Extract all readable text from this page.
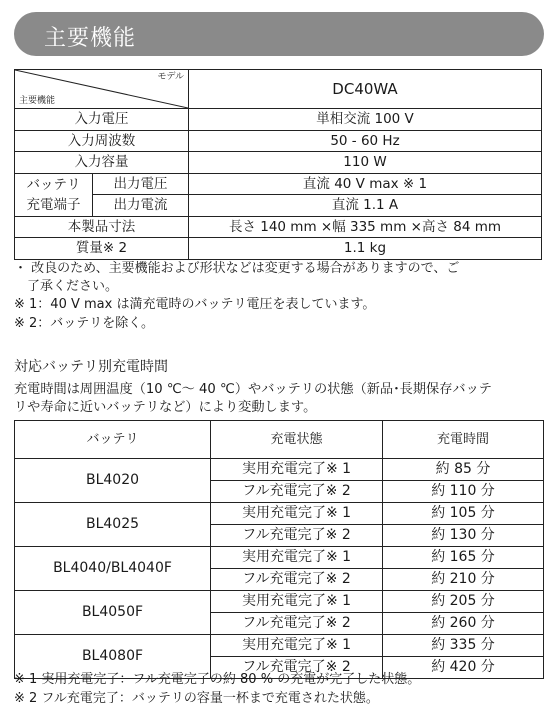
主要機能
モデル
主要機能		DC40WA
入力電圧		単相交流 100 V
入力周波数		50 - 60 Hz
入力容量		110 W

バッテリ
充電端子	出力電圧	直流 40 V max ※ 1
	出力電流	直流 1.1 A
本製品寸法		長さ 140 mm ×幅 335 mm ×高さ 84 mm
質量※ 2		1.1 kg
・ 改良のため、主要機能および形状などは変更する場合がありますので、ご
　了承ください。
※ 1：40 V max は満充電時のバッテリ電圧を表しています。
※ 2：バッテリを除く。
対応バッテリ別充電時間
充電時間は周囲温度（10 ℃～ 40 ℃）やバッテリの状態（新品･長期保存バッテ
リや寿命に近いバッテリなど）により変動します。
バッテリ	充電状態	充電時間
BL4020	実用充電完了※ 1	約 85 分
	フル充電完了※ 2	約 110 分
BL4025	実用充電完了※ 1	約 105 分
	フル充電完了※ 2	約 130 分
BL4040/BL4040F	実用充電完了※ 1	約 165 分
	フル充電完了※ 2	約 210 分
BL4050F	実用充電完了※ 1	約 205 分
	フル充電完了※ 2	約 260 分
BL4080F	実用充電完了※ 1	約 335 分
	フル充電完了※ 2	約 420 分
※ 1 実用充電完了：フル充電完了の約 80 % の充電が完了した状態。
※ 2 フル充電完了：バッテリの容量一杯まで充電された状態。
